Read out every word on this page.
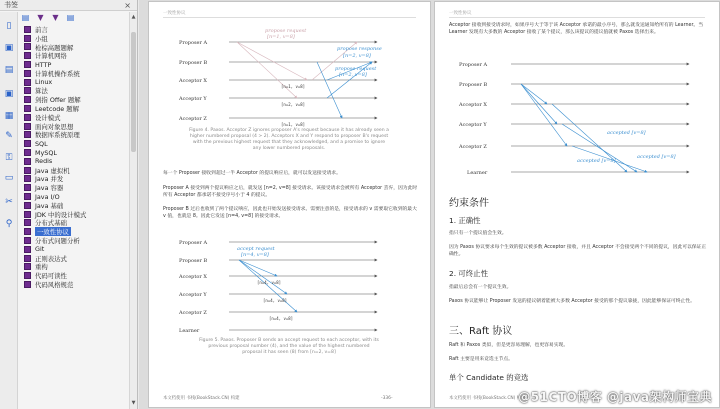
书签	×
▤	▼	▼	▤
▯
▣
▤
▣
▦
✎
⚿
▭
✂
⚲
前言
小组
枪棕高题题解
计算机网络
HTTP
计算机操作系统
Linux
算法
剑指 Offer 题解
Leetcode 题解
设计模式
面向对象思想
数据库系统原理
SQL
MySQL
Redis
Java 虚拟机
Java 并发
Java 容器
Java I/O
Java 基础
JDK 中的设计模式
分布式基础
一致性协议
分布式问题分析
Git
正则表达式
重构
代码可读性
代码风格规范
▲
▼
一致性协议
Proposer A
Proposer B
Acceptor X
Acceptor Y
Acceptor Z
propose request
[n=1, v=8]
propose response
[n=2, v=8]
propose request
[n=2, v=8]
[n=1, v=8]
[n=2, v=8]
[n=1, v=8]
Figure 4. Paxos. Acceptor Z ignores proposer A's request because it has already seen a higher numbered proposal (4 > 2). Acceptors X and Y respond to proposer B's request with the previous highest request that they acknowledged, and a promise to ignore any lower numbered proposals.
每一个 Proposer 接收到超过一半 Acceptor 的提议响应后，就可以发送接受请求。
Proposer A 接受到两个提议响应之后，就发送 [n=2, v=8] 接受请求。该接受请求会被所有 Acceptor 丢弃，因为此时所有 Acceptor 都承诺不接受序号小于 4 的提议。
Proposer B 过后也收到了两个提议响应，因此也开始发送接受请求。需要注意的是，接受请求的 v 需要取它收到的最大 v 值，也就是 8。因此它发送 [n=4, v=8] 的接受请求。
Proposer A
Proposer B
Acceptor X
Acceptor Y
Acceptor Z
Learner
accept request
[n=4, v=8]
[n=4, v=8]
[n=4, v=8]
[n=4, v=8]
Figure 5. Paxos. Proposer B sends an accept request to each acceptor, with its previous proposal number (4), and the value of the highest numbered proposal it has seen (8) from [n=2, v=8]
本文档使用 书栈(BookStack.CN) 构建	-336-
一致性协议
Acceptor 接收到接受请求时，如果序号大于等于该 Acceptor 承诺的最小序号，那么就发送通知给所有的 Learner。当 Learner 发现有大多数的 Acceptor 接收了某个提议，那么该提议的提议值就被 Paxos 选择出来。
Proposer A
Proposer B
Acceptor X
Acceptor Y
Acceptor Z
Learner
accepted [v=8]
accepted [v=8]
accepted [v=8]
约束条件
1. 正确性
指只有一个提议值会生效。
因为 Paxos 协议要求每个生效的提议被多数 Acceptor 接收，并且 Acceptor 不会接受两个不同的提议，因此可以保证正确性。
2. 可终止性
指最后总会有一个提议生效。
Paxos 协议能够让 Proposer 发送的提议朝着能被大多数 Acceptor 接受的那个提议靠拢，因此能够保证可终止性。
三、Raft 协议
Raft 和 Paxos 类似，但是更容易理解，也更容易实现。
Raft 主要是用来竞选主节点。
单个 Candidate 的竞选
本文档使用 书栈(BookStack.CN) 构建
@51CTO博客 @java架构师宝典
